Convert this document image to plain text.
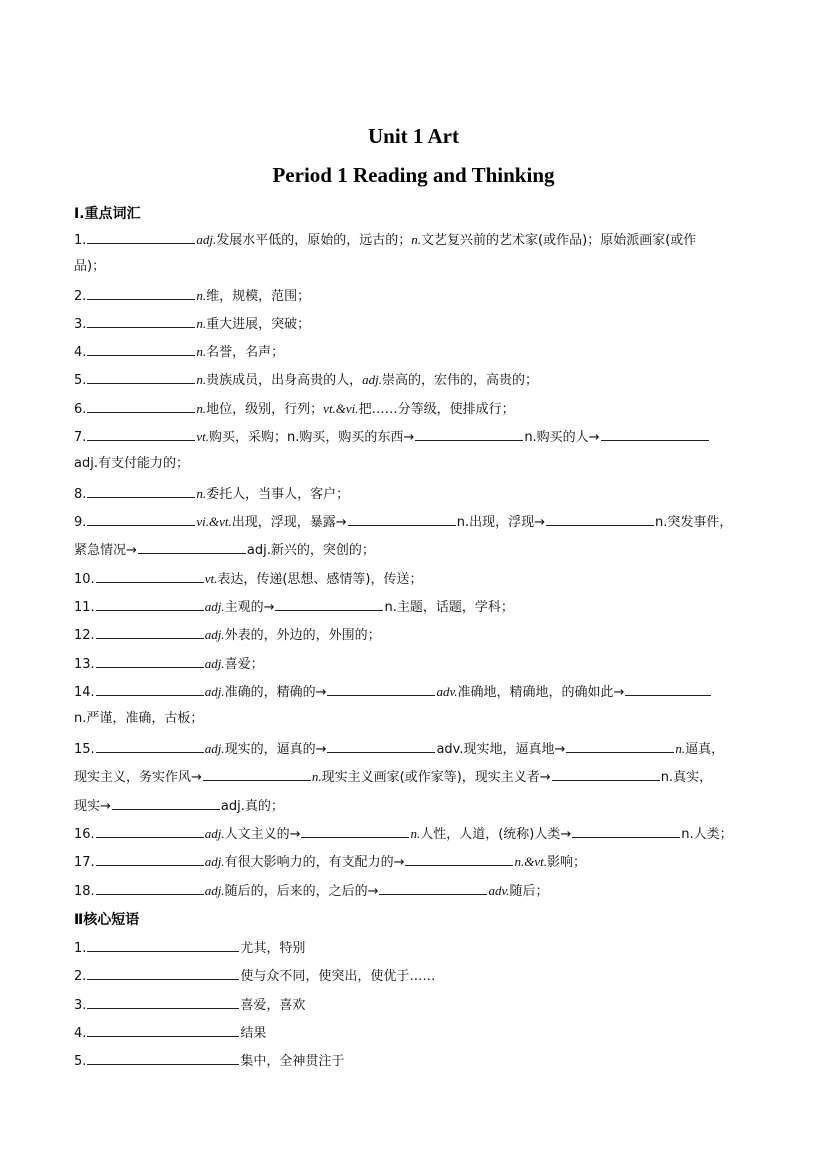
Unit 1 Art
Period 1 Reading and Thinking
I.重点词汇
1.	adj.发展水平低的，原始的，远古的；n.文艺复兴前的艺术家(或作品)；原始派画家(或作
品)；
2.	n.维，规模，范围；
3.	n.重大进展，突破；
4.	n.名誉，名声；
5.	n.贵族成员，出身高贵的人，adj.崇高的，宏伟的，高贵的；
6.	n.地位，级别，行列；vt.&vi.把……分等级，使排成行；
7.	vt.购买，采购；n.购买，购买的东西→	n.购买的人→
adj.有支付能力的；
8.	n.委托人，当事人，客户；
9.	vi.&vt.出现，浮现，暴露→	n.出现，浮现→	n.突发事件，
紧急情况→	adj.新兴的，突创的；
10.	vt.表达，传递(思想、感情等)，传送；
11.	adj.主观的→	n.主题，话题，学科；
12.	adj.外表的，外边的，外围的；
13.	adj.喜爱；
14.	adj.准确的，精确的→	adv.准确地，精确地，的确如此→
n.严谨，准确，古板；
15.	adj.现实的，逼真的→	adv.现实地，逼真地→	n.逼真，
现实主义，务实作风→	n.现实主义画家(或作家等)，现实主义者→	n.真实，
现实→	adj.真的；
16.	adj.人文主义的→	n.人性，人道，(统称)人类→	n.人类；
17.	adj.有很大影响力的，有支配力的→	n.&vt.影响；
18.	adj.随后的，后来的，之后的→	adv.随后；
Ⅱ核心短语
1.	尤其，特别
2.	使与众不同，使突出，使优于……
3.	喜爱，喜欢
4.	结果
5.	集中，全神贯注于
